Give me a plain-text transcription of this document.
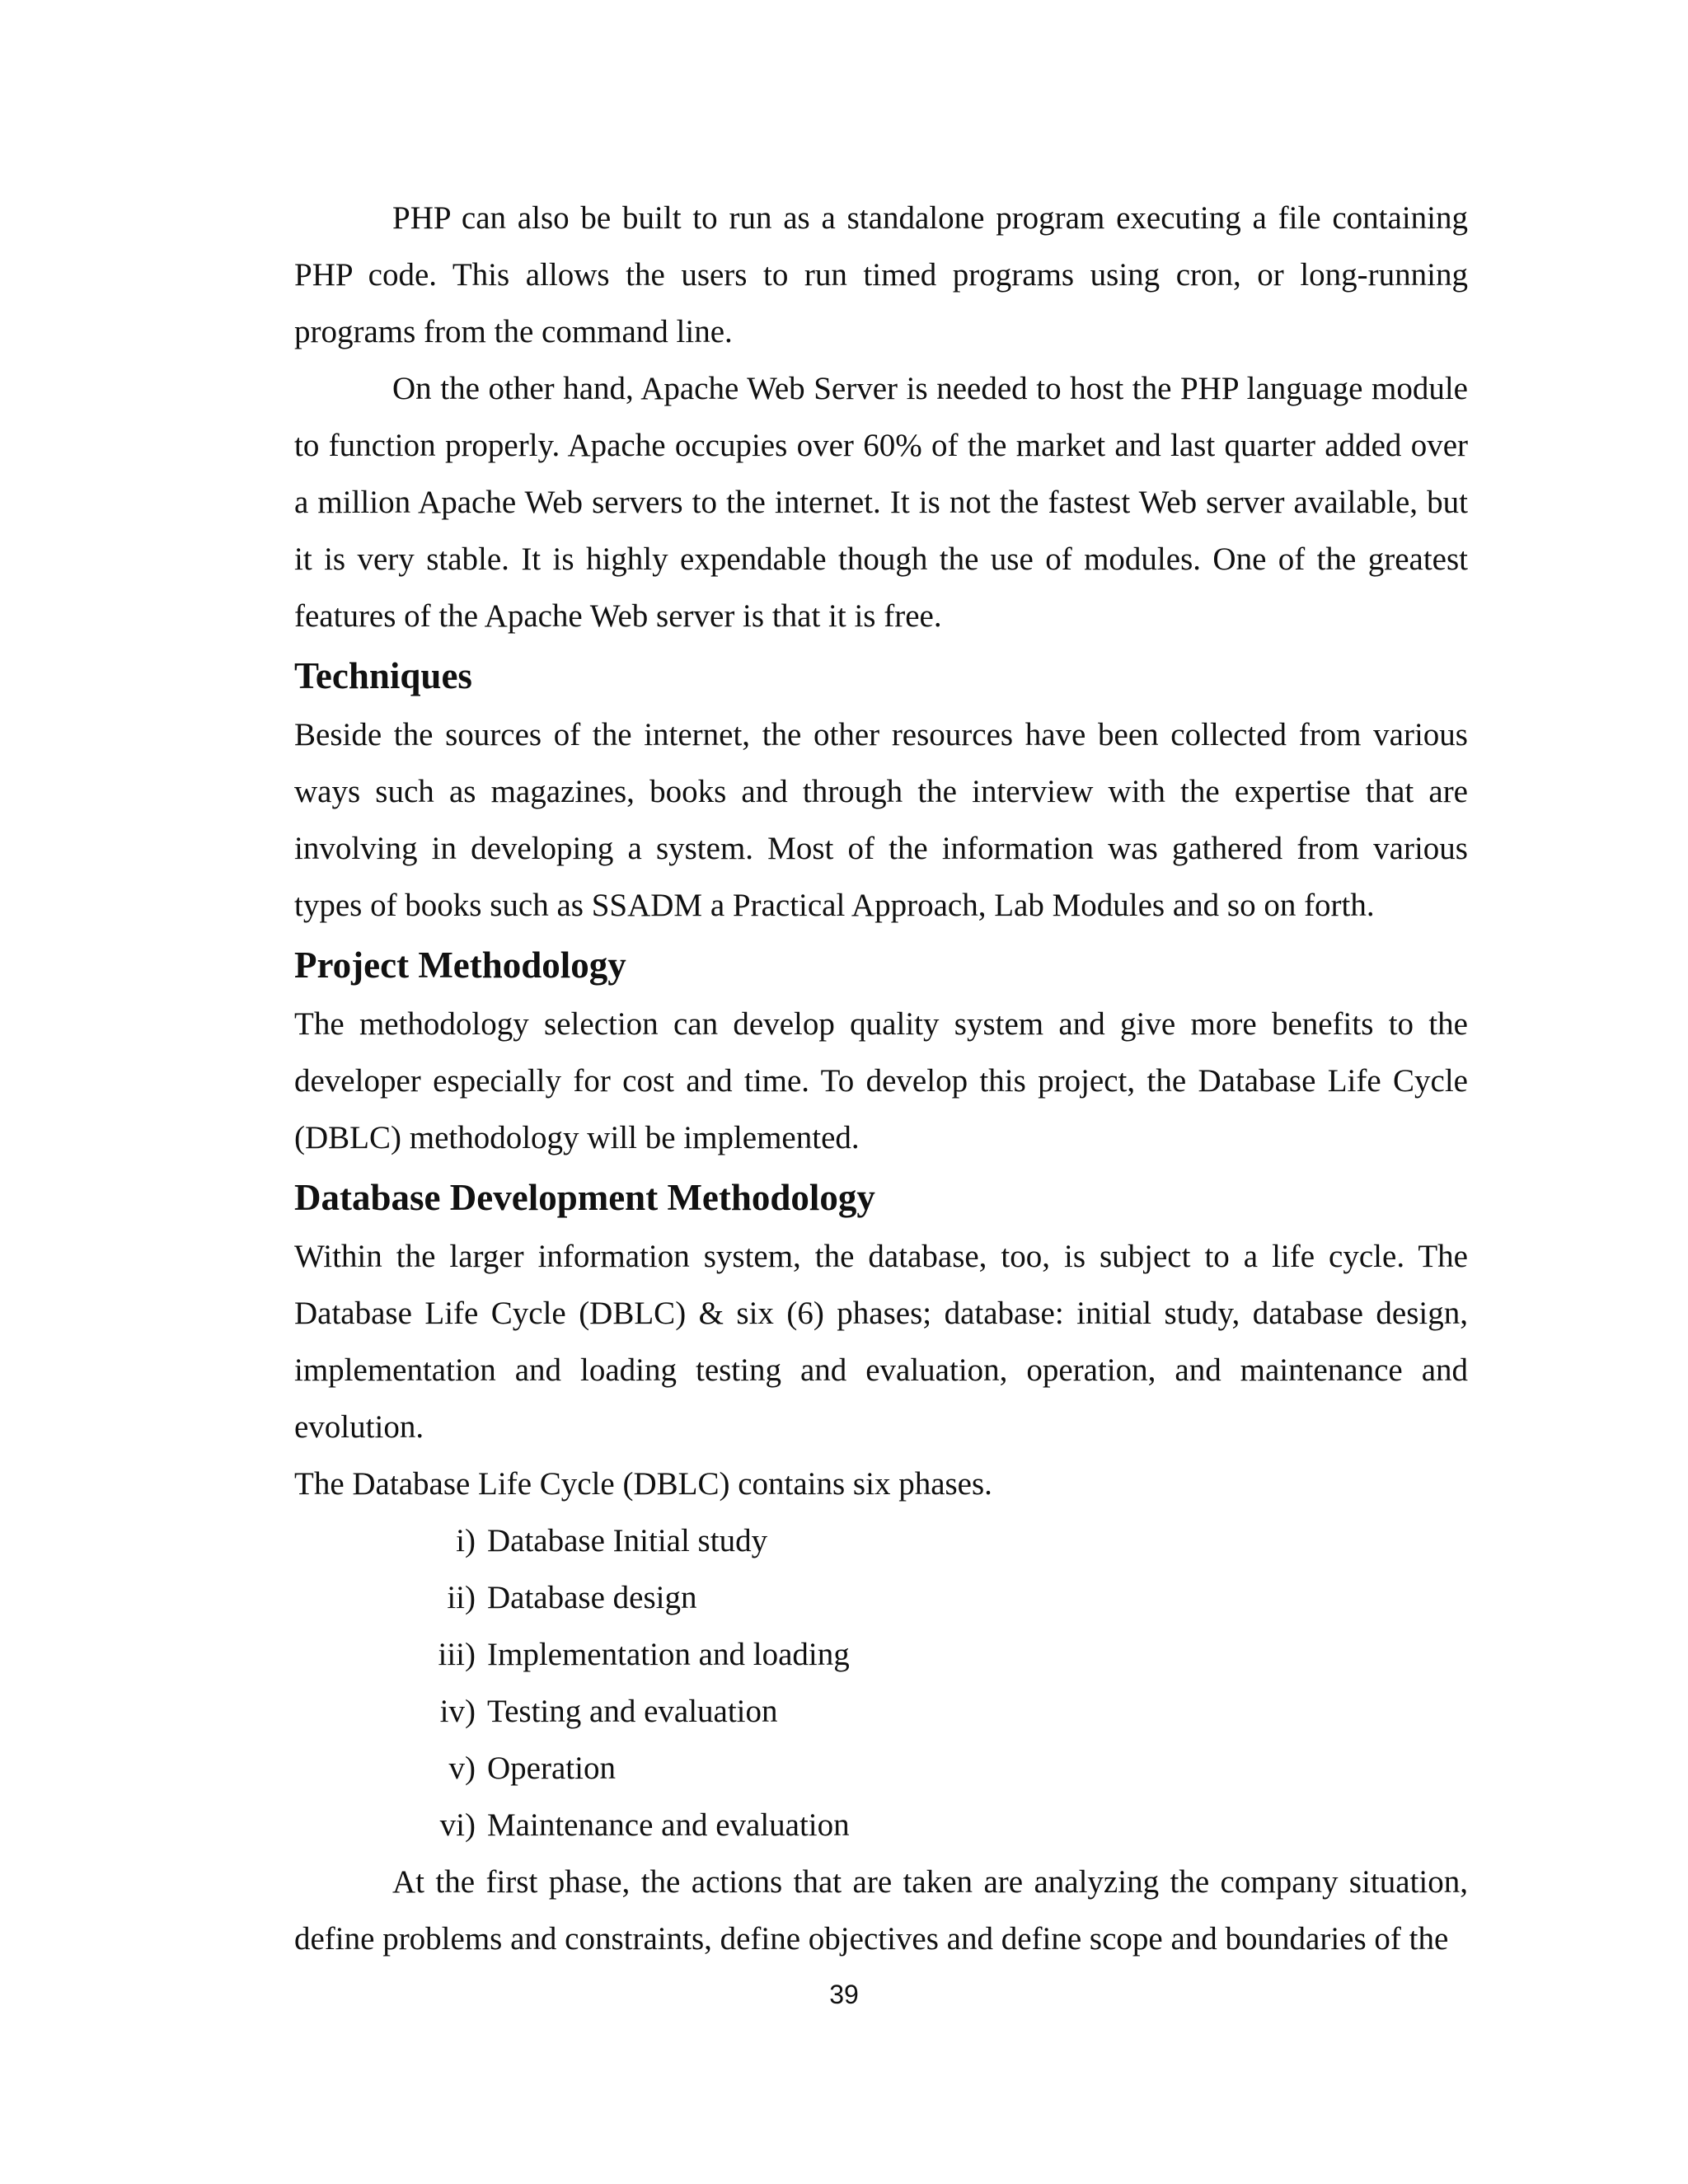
PHP can also be built to run as a standalone program executing a file containing PHP code. This allows the users to run timed programs using cron, or long-running programs from the command line.

On the other hand, Apache Web Server is needed to host the PHP language module to function properly. Apache occupies over 60% of the market and last quarter added over a million Apache Web servers to the internet. It is not the fastest Web server available, but it is very stable. It is highly expendable though the use of modules. One of the greatest features of the Apache Web server is that it is free.

Techniques

Beside the sources of the internet, the other resources have been collected from various ways such as magazines, books and through the interview with the expertise that are involving in developing a system. Most of the information was gathered from various types of books such as SSADM a Practical Approach, Lab Modules and so on forth.

Project Methodology

The methodology selection can develop quality system and give more benefits to the developer especially for cost and time. To develop this project, the Database Life Cycle (DBLC) methodology will be implemented.

Database Development Methodology

Within the larger information system, the database, too, is subject to a life cycle. The Database Life Cycle (DBLC) & six (6) phases; database: initial study, database design, implementation and loading testing and evaluation, operation, and maintenance and evolution.

The Database Life Cycle (DBLC) contains six phases.

i) Database Initial study
ii) Database design
iii) Implementation and loading
iv) Testing and evaluation
v) Operation
vi) Maintenance and evaluation

At the first phase, the actions that are taken are analyzing the company situation, define problems and constraints, define objectives and define scope and boundaries of the

39
